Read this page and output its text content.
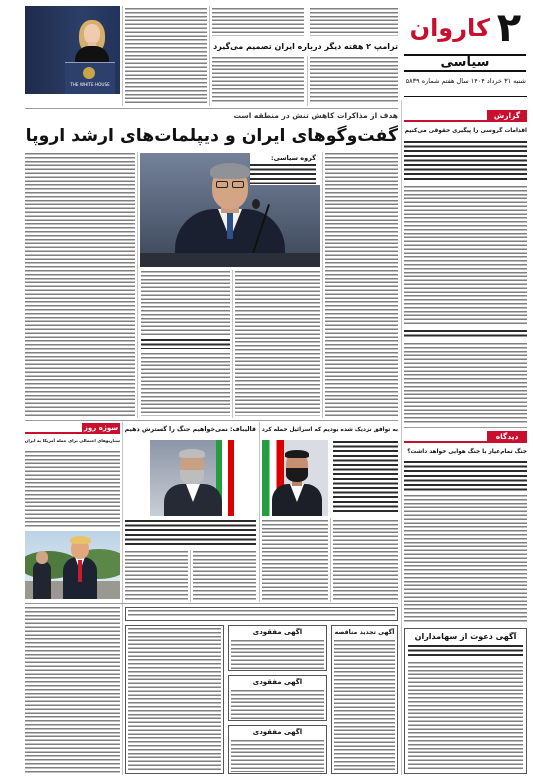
۲
کاروان
سیاسی
شنبه ۳۱ خرداد ۱۴۰۴ سال هفتم شماره ۵۸۳۹
THE WHITE HOUSE
ترامپ ۲ هفته دیگر درباره ایران تصمیم می‌گیرد
هدف از مذاکرات کاهش تنش در منطقه است
گفت‌وگوهای ایران و دیپلمات‌های ارشد اروپا
گروه سیاسی:
به توافق نزدیک شده بودیم که اسرائیل حمله کرد
قالیباف: نمی‌خواهیم جنگ را گسترش دهیم
سوژه روز
سناریوهای احتمالی برای حمله آمریکا به ایران
آگهی تجدید مناقصه
آگهی مفقودی
آگهی مفقودی
آگهی مفقودی
گزارش
اقدامات گروسی را پیگیری حقوقی می‌کنیم
دیدگاه
جنگ تمام‌عیار با جنگ هوایی خواهد داشت؟
آگهی دعوت از سهامداران
